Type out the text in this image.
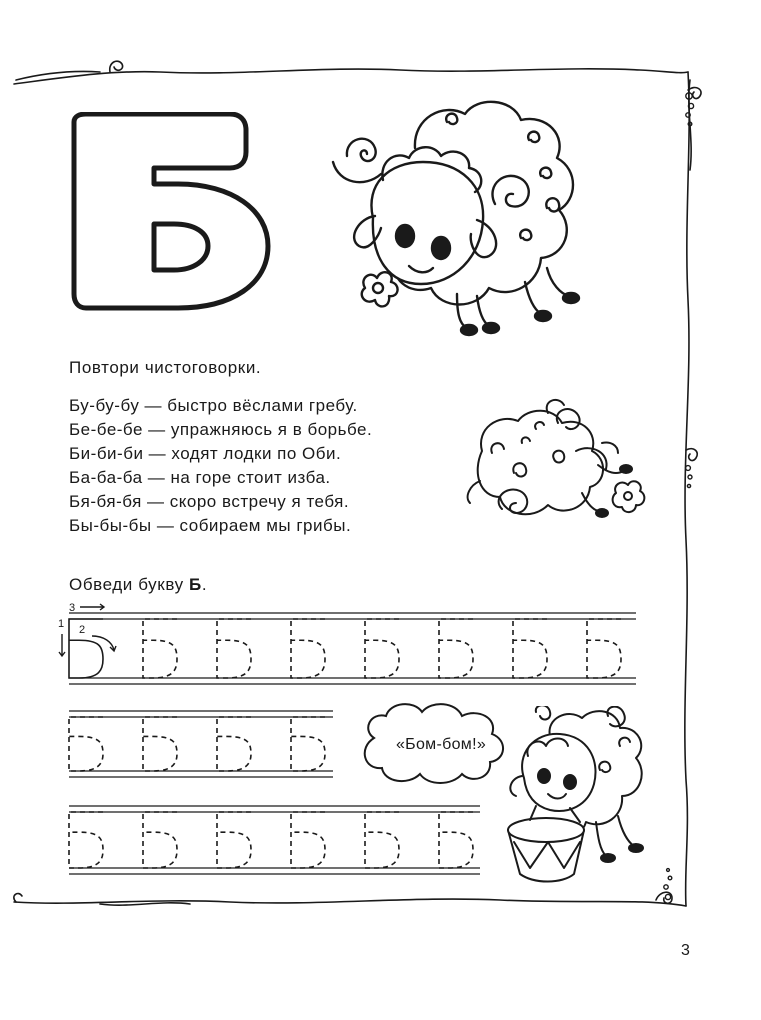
«Бом-бом!»
Повтори чистоговорки.
Бу-бу-бу — быстро вёслами гребу.
Бе-бе-бе — упражняюсь я в борьбе.
Би-би-би — ходят лодки по Оби.
Ба-ба-ба — на горе стоит изба.
Бя-бя-бя — скоро встречу я тебя.
Бы-бы-бы — собираем мы грибы.
Обведи букву Б.
3
1 2
3
